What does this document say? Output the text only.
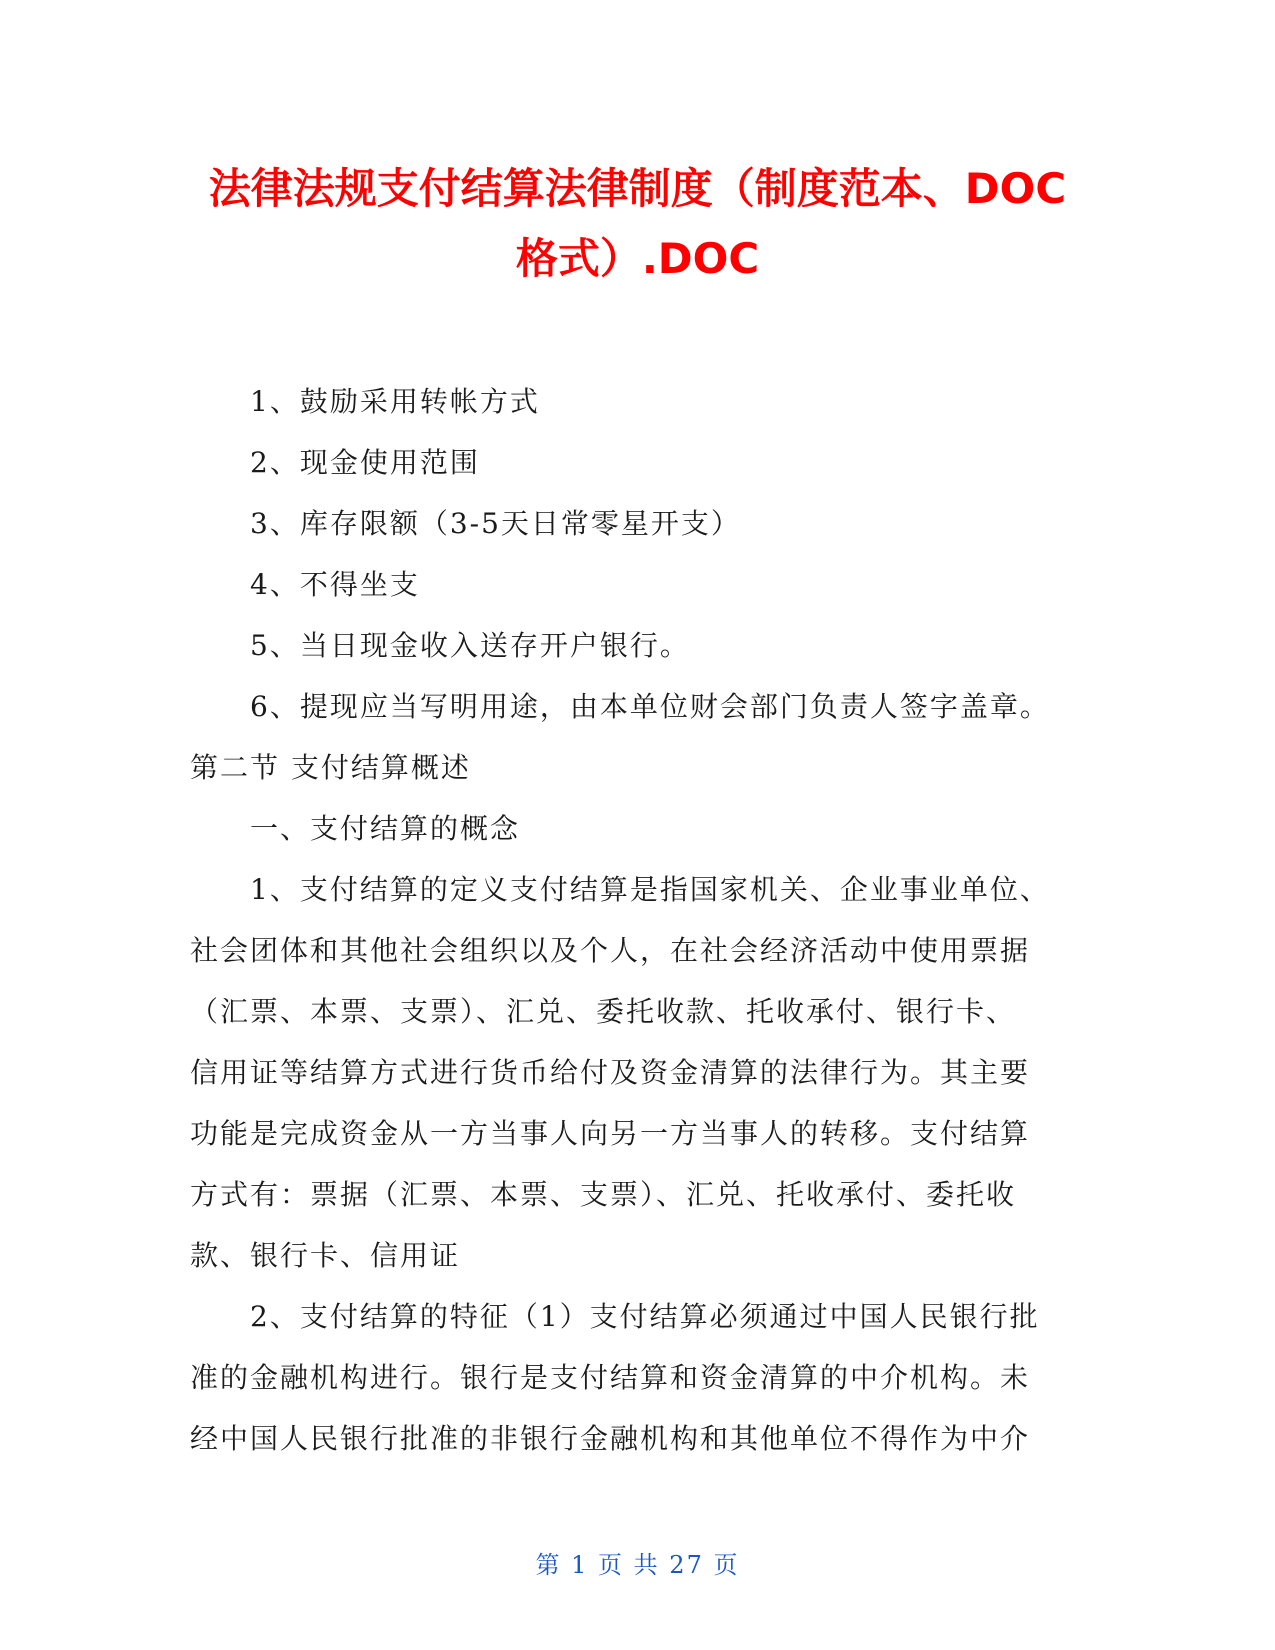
法律法规支付结算法律制度（制度范本、DOC
格式）.DOC

1、鼓励采用转帐方式

2、现金使用范围

3、库存限额（3-5天日常零星开支）

4、不得坐支

5、当日现金收入送存开户银行。

6、提现应当写明用途，由本单位财会部门负责人签字盖章。

第二节 支付结算概述

一、支付结算的概念

1、支付结算的定义支付结算是指国家机关、企业事业单位、

社会团体和其他社会组织以及个人，在社会经济活动中使用票据

（汇票、本票、支票）、汇兑、委托收款、托收承付、银行卡、

信用证等结算方式进行货币给付及资金清算的法律行为。其主要

功能是完成资金从一方当事人向另一方当事人的转移。支付结算

方式有：票据（汇票、本票、支票）、汇兑、托收承付、委托收

款、银行卡、信用证

2、支付结算的特征（1）支付结算必须通过中国人民银行批

准的金融机构进行。银行是支付结算和资金清算的中介机构。未

经中国人民银行批准的非银行金融机构和其他单位不得作为中介

第 1 页 共 27 页
